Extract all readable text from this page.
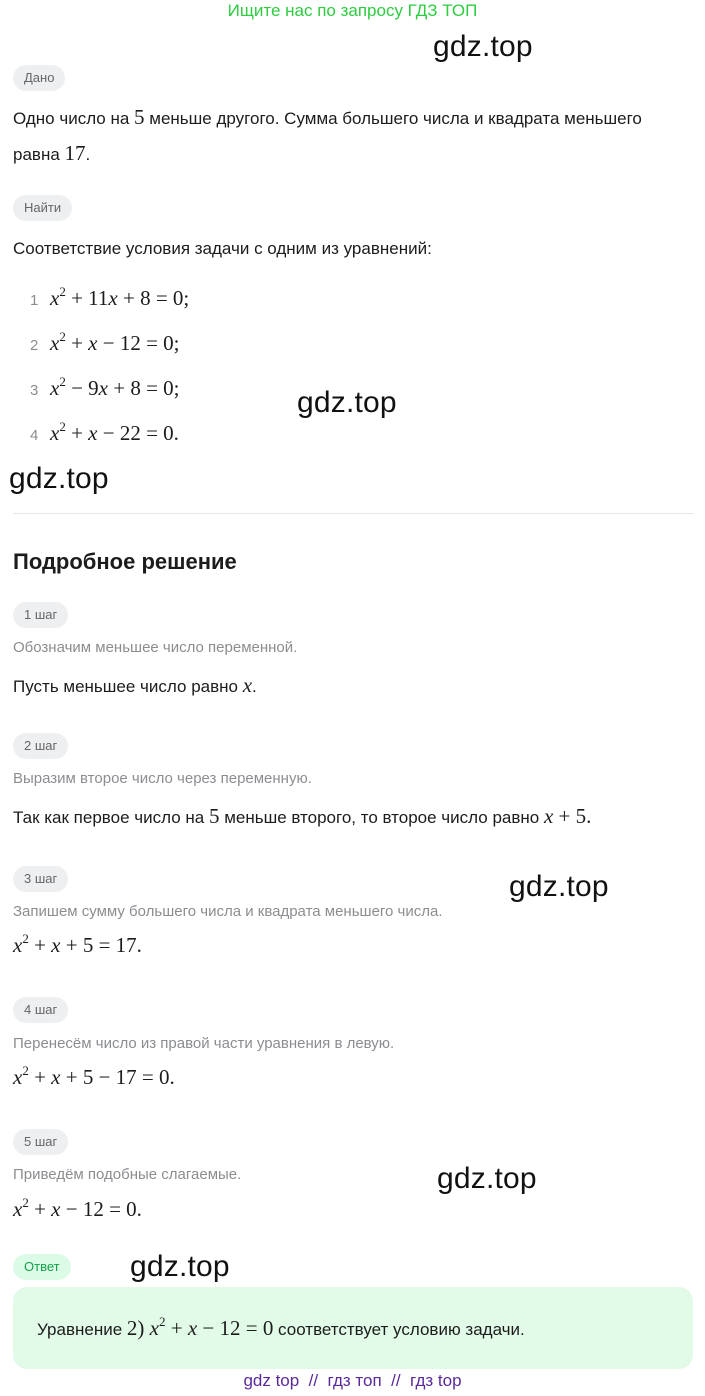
Ищите нас по запросу ГДЗ ТОП
gdz.top
gdz.top
gdz.top
gdz.top
gdz.top
gdz.top
Дано
Одно число на 5 меньше другого. Сумма большего числа и квадрата меньшего
равна 17.
Найти
Соответствие условия задачи с одним из уравнений:
1 $x^2 + 11x + 8 = 0$;
2 $x^2 + x - 12 = 0$;
3 $x^2 - 9x + 8 = 0$;
4 $x^2 + x - 22 = 0$.
Подробное решение
1 шаг
Обозначим меньшее число переменной.
Пусть меньшее число равно x.
2 шаг
Выразим второе число через переменную.
Так как первое число на 5 меньше второго, то второе число равно x + 5.
3 шаг
Запишем сумму большего числа и квадрата меньшего числа.
$x^2 + x + 5 = 17$.
4 шаг
Перенесём число из правой части уравнения в левую.
$x^2 + x + 5 - 17 = 0$.
5 шаг
Приведём подобные слагаемые.
$x^2 + x - 12 = 0$.
Ответ
Уравнение 2) $x^2 + x - 12 = 0$ соответствует условию задачи.
gdz top  //  гдз топ  //  гдз top
